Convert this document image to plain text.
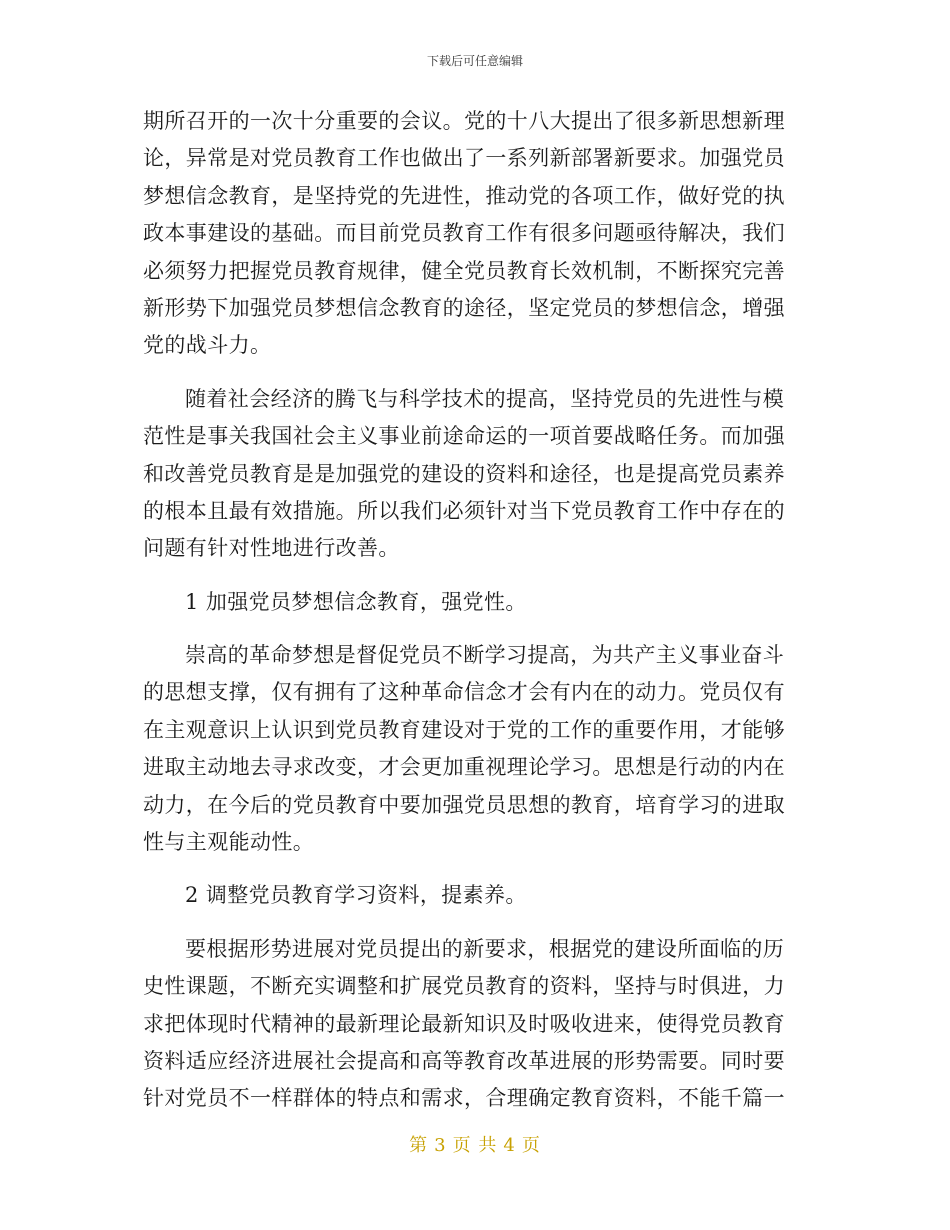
下载后可任意编辑
期所召开的一次十分重要的会议。党的十八大提出了很多新思想新理
论，异常是对党员教育工作也做出了一系列新部署新要求。加强党员
梦想信念教育，是坚持党的先进性，推动党的各项工作，做好党的执
政本事建设的基础。而目前党员教育工作有很多问题亟待解决，我们
必须努力把握党员教育规律，健全党员教育长效机制，不断探究完善
新形势下加强党员梦想信念教育的途径，坚定党员的梦想信念，增强
党的战斗力。
随着社会经济的腾飞与科学技术的提高，坚持党员的先进性与模
范性是事关我国社会主义事业前途命运的一项首要战略任务。而加强
和改善党员教育是是加强党的建设的资料和途径，也是提高党员素养
的根本且最有效措施。所以我们必须针对当下党员教育工作中存在的
问题有针对性地进行改善。
1 加强党员梦想信念教育，强党性。
崇高的革命梦想是督促党员不断学习提高，为共产主义事业奋斗
的思想支撑，仅有拥有了这种革命信念才会有内在的动力。党员仅有
在主观意识上认识到党员教育建设对于党的工作的重要作用，才能够
进取主动地去寻求改变，才会更加重视理论学习。思想是行动的内在
动力，在今后的党员教育中要加强党员思想的教育，培育学习的进取
性与主观能动性。
2 调整党员教育学习资料，提素养。
要根据形势进展对党员提出的新要求，根据党的建设所面临的历
史性课题，不断充实调整和扩展党员教育的资料，坚持与时俱进，力
求把体现时代精神的最新理论最新知识及时吸收进来，使得党员教育
资料适应经济进展社会提高和高等教育改革进展的形势需要。同时要
针对党员不一样群体的特点和需求，合理确定教育资料，不能千篇一
第 3 页 共 4 页
